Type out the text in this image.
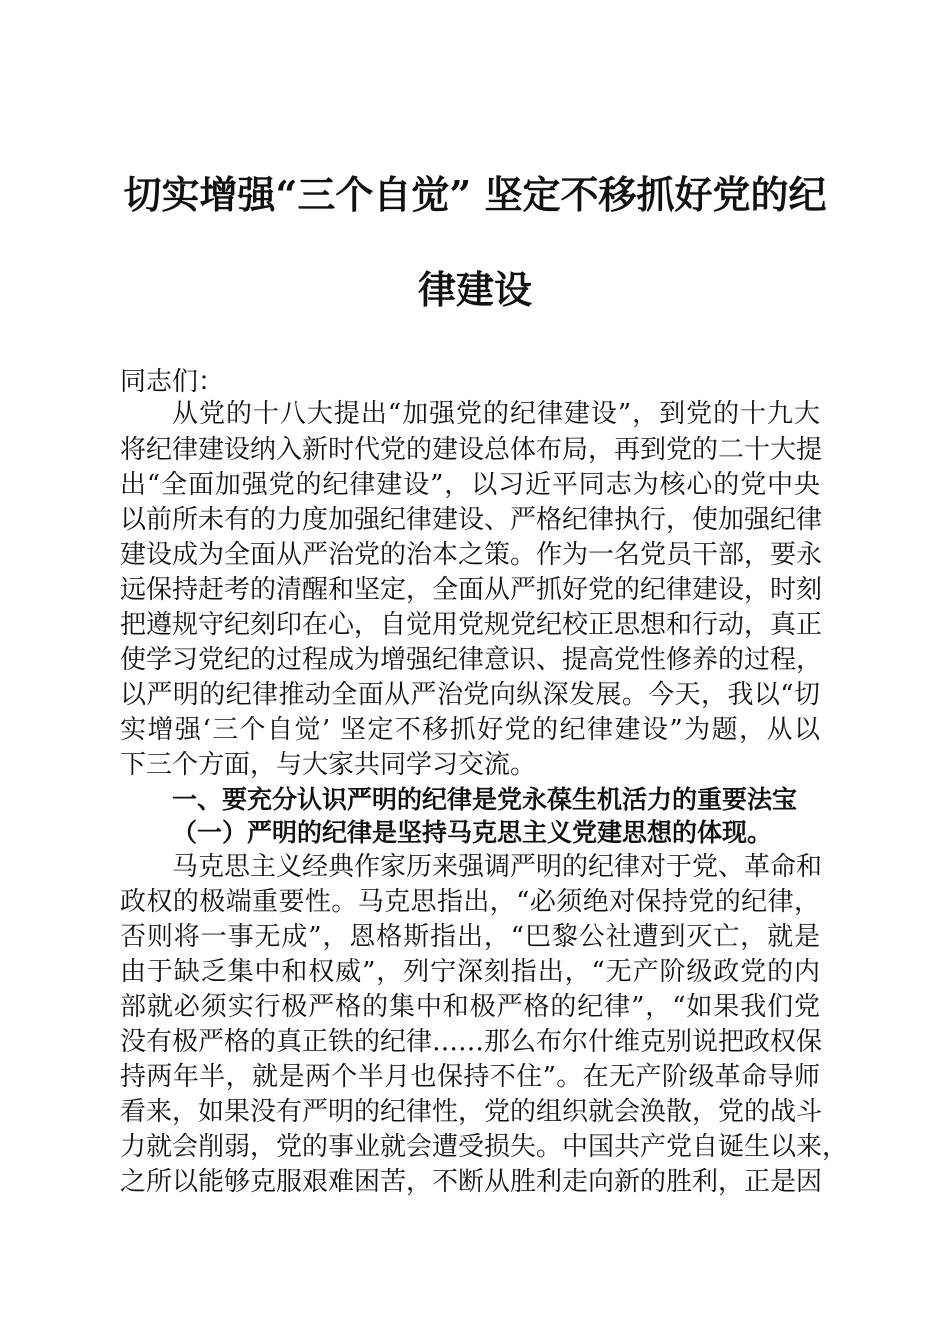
切实增强“三个自觉” 坚定不移抓好党的纪
律建设
同志们：
从党的十八大提出“加强党的纪律建设”，到党的十九大
将纪律建设纳入新时代党的建设总体布局，再到党的二十大提
出“全面加强党的纪律建设”，以习近平同志为核心的党中央
以前所未有的力度加强纪律建设、严格纪律执行，使加强纪律
建设成为全面从严治党的治本之策。作为一名党员干部，要永
远保持赶考的清醒和坚定，全面从严抓好党的纪律建设，时刻
把遵规守纪刻印在心，自觉用党规党纪校正思想和行动，真正
使学习党纪的过程成为增强纪律意识、提高党性修养的过程，
以严明的纪律推动全面从严治党向纵深发展。今天，我以“切
实增强‘三个自觉’ 坚定不移抓好党的纪律建设”为题，从以
下三个方面，与大家共同学习交流。
一、要充分认识严明的纪律是党永葆生机活力的重要法宝
（一）严明的纪律是坚持马克思主义党建思想的体现。
马克思主义经典作家历来强调严明的纪律对于党、革命和
政权的极端重要性。马克思指出，“必须绝对保持党的纪律，
否则将一事无成”，恩格斯指出，“巴黎公社遭到灭亡，就是
由于缺乏集中和权威”，列宁深刻指出，“无产阶级政党的内
部就必须实行极严格的集中和极严格的纪律”，“如果我们党
没有极严格的真正铁的纪律……那么布尔什维克别说把政权保
持两年半，就是两个半月也保持不住”。在无产阶级革命导师
看来，如果没有严明的纪律性，党的组织就会涣散，党的战斗
力就会削弱，党的事业就会遭受损失。中国共产党自诞生以来，
之所以能够克服艰难困苦，不断从胜利走向新的胜利，正是因
